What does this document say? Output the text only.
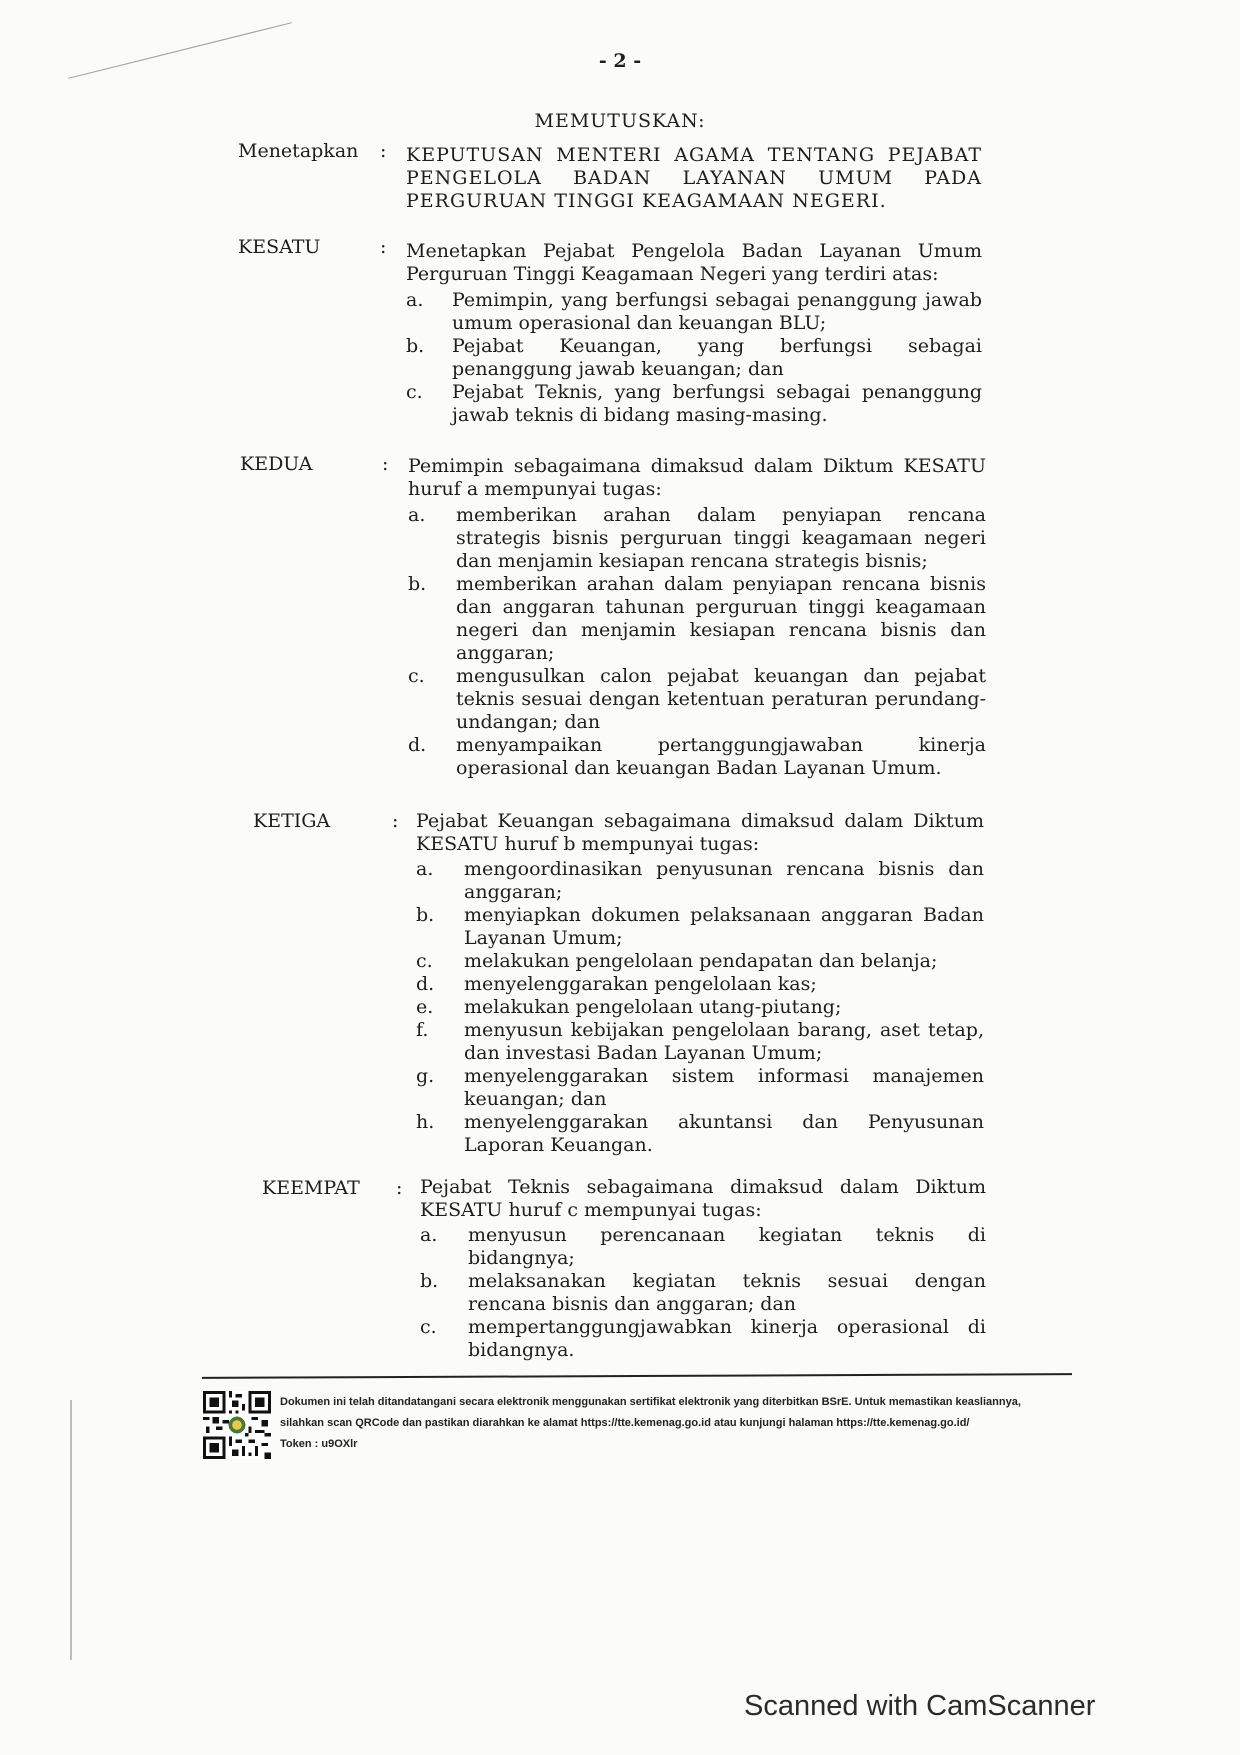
- 2 -
MEMUTUSKAN:
Menetapkan : KEPUTUSAN MENTERI AGAMA TENTANG PEJABAT PENGELOLA BADAN LAYANAN UMUM PADA PERGURUAN TINGGI KEAGAMAAN NEGERI.
KESATU	: Menetapkan Pejabat Pengelola Badan Layanan Umum Perguruan Tinggi Keagamaan Negeri yang terdiri atas:
a. Pemimpin, yang berfungsi sebagai penanggung jawab umum operasional dan keuangan BLU;
b. Pejabat Keuangan, yang berfungsi sebagai penanggung jawab keuangan; dan
c. Pejabat Teknis, yang berfungsi sebagai penanggung jawab teknis di bidang masing-masing.
KEDUA	: Pemimpin sebagaimana dimaksud dalam Diktum KESATU huruf a mempunyai tugas:
a. memberikan arahan dalam penyiapan rencana strategis bisnis perguruan tinggi keagamaan negeri dan menjamin kesiapan rencana strategis bisnis;
b. memberikan arahan dalam penyiapan rencana bisnis dan anggaran tahunan perguruan tinggi keagamaan negeri dan menjamin kesiapan rencana bisnis dan anggaran;
c. mengusulkan calon pejabat keuangan dan pejabat teknis sesuai dengan ketentuan peraturan perundang-undangan; dan
d. menyampaikan pertanggungjawaban kinerja operasional dan keuangan Badan Layanan Umum.
KETIGA	: Pejabat Keuangan sebagaimana dimaksud dalam Diktum KESATU huruf b mempunyai tugas:
a. mengoordinasikan penyusunan rencana bisnis dan anggaran;
b. menyiapkan dokumen pelaksanaan anggaran Badan Layanan Umum;
c. melakukan pengelolaan pendapatan dan belanja;
d. menyelenggarakan pengelolaan kas;
e. melakukan pengelolaan utang-piutang;
f. menyusun kebijakan pengelolaan barang, aset tetap, dan investasi Badan Layanan Umum;
g. menyelenggarakan sistem informasi manajemen keuangan; dan
h. menyelenggarakan akuntansi dan Penyusunan Laporan Keuangan.
KEEMPAT : Pejabat Teknis sebagaimana dimaksud dalam Diktum KESATU huruf c mempunyai tugas:
a. menyusun perencanaan kegiatan teknis di bidangnya;
b. melaksanakan kegiatan teknis sesuai dengan rencana bisnis dan anggaran; dan
c. mempertanggungjawabkan kinerja operasional di bidangnya.
Dokumen ini telah ditandatangani secara elektronik menggunakan sertifikat elektronik yang diterbitkan BSrE. Untuk memastikan keasliannya,
silahkan scan QRCode dan pastikan diarahkan ke alamat https://tte.kemenag.go.id atau kunjungi halaman https://tte.kemenag.go.id/
Token : u9OXlr
Scanned with CamScanner
